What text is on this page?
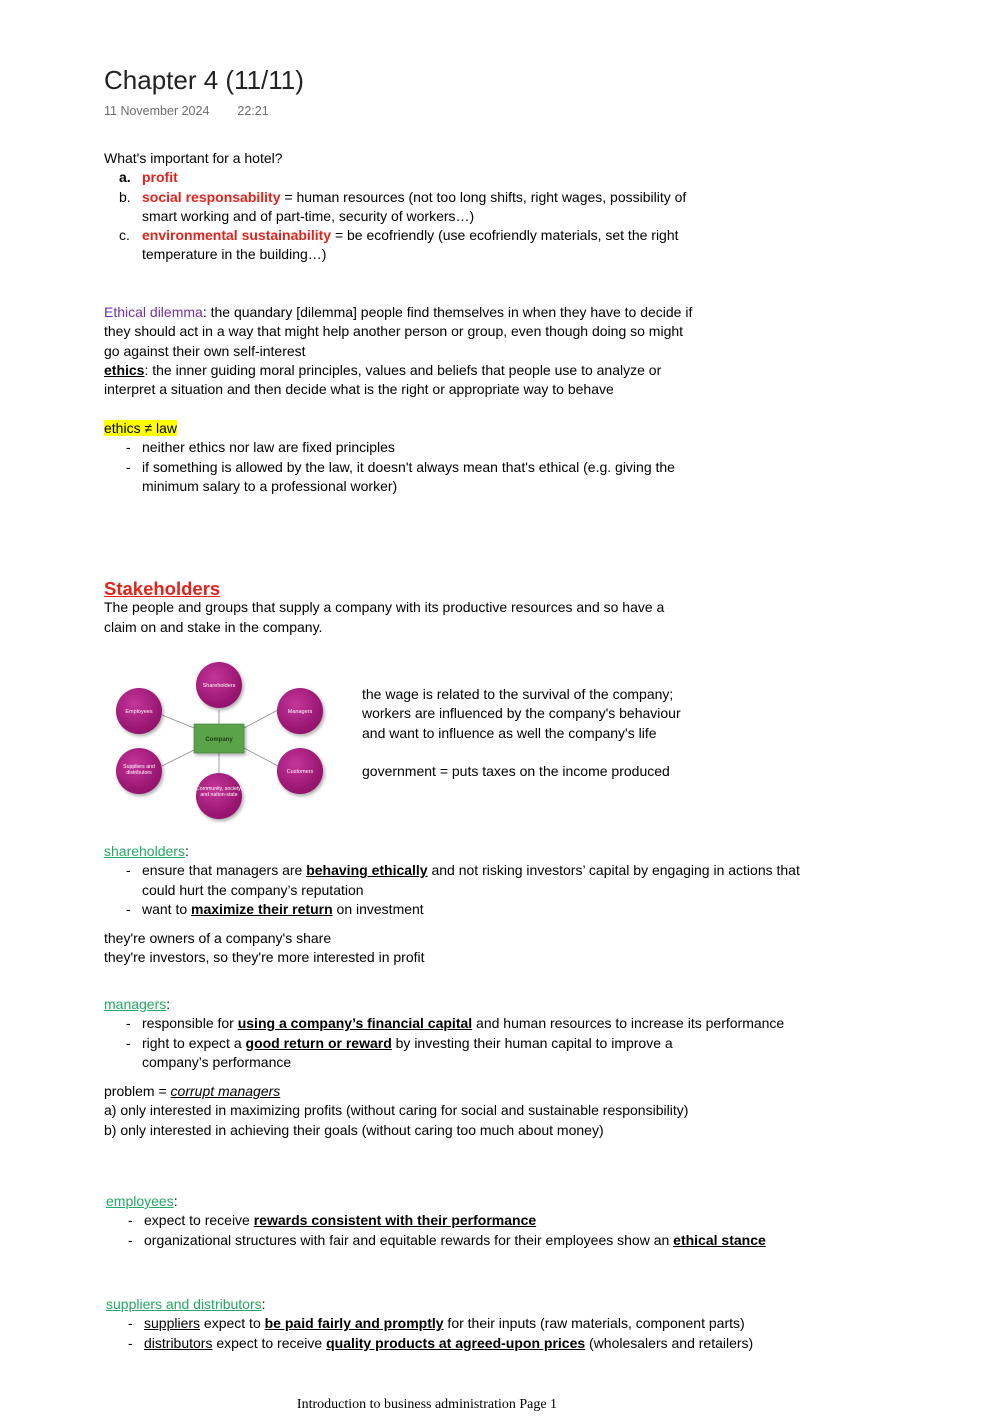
Chapter 4 (11/11)
11 November 2024 22:21

What's important for a hotel?

a. profit
b. social responsability = human resources (not too long shifts, right wages, possibility of smart working and of part-time, security of workers…)
c. environmental sustainability = be ecofriendly (use ecofriendly materials, set the right temperature in the building…)

Ethical dilemma: the quandary [dilemma] people find themselves in when they have to decide if they should act in a way that might help another person or group, even though doing so might go against their own self-interest

ethics: the inner guiding moral principles, values and beliefs that people use to analyze or interpret a situation and then decide what is the right or appropriate way to behave

ethics ≠ law

- neither ethics nor law are fixed principles
- if something is allowed by the law, it doesn't always mean that's ethical (e.g. giving the minimum salary to a professional worker)
Stakeholders

The people and groups that supply a company with its productive resources and so have a claim on and stake in the company.

Shareholders
Managers
Customers
Employees
Community, society, and nation-state
Suppliers and distributors
Company

the wage is related to the survival of the company;

workers are influenced by the company's behaviour

and want to influence as well the company's life

government = puts taxes on the income produced

shareholders:

- ensure that managers are behaving ethically and not risking investors’ capital by engaging in actions that could hurt the company’s reputation
- want to maximize their return on investment

they're owners of a company's share

they're investors, so they're more interested in profit

managers:

- responsible for using a company’s financial capital and human resources to increase its performance
- right to expect a good return or reward by investing their human capital to improve a company’s performance

problem = corrupt managers

a) only interested in maximizing profits (without caring for social and sustainable responsibility)

b) only interested in achieving their goals (without caring too much about money)

employees:

- expect to receive rewards consistent with their performance
- organizational structures with fair and equitable rewards for their employees show an ethical stance

suppliers and distributors:

- suppliers expect to be paid fairly and promptly for their inputs (raw materials, component parts)
- distributors expect to receive quality products at agreed-upon prices (wholesalers and retailers)
Introduction to business administration Page 1
